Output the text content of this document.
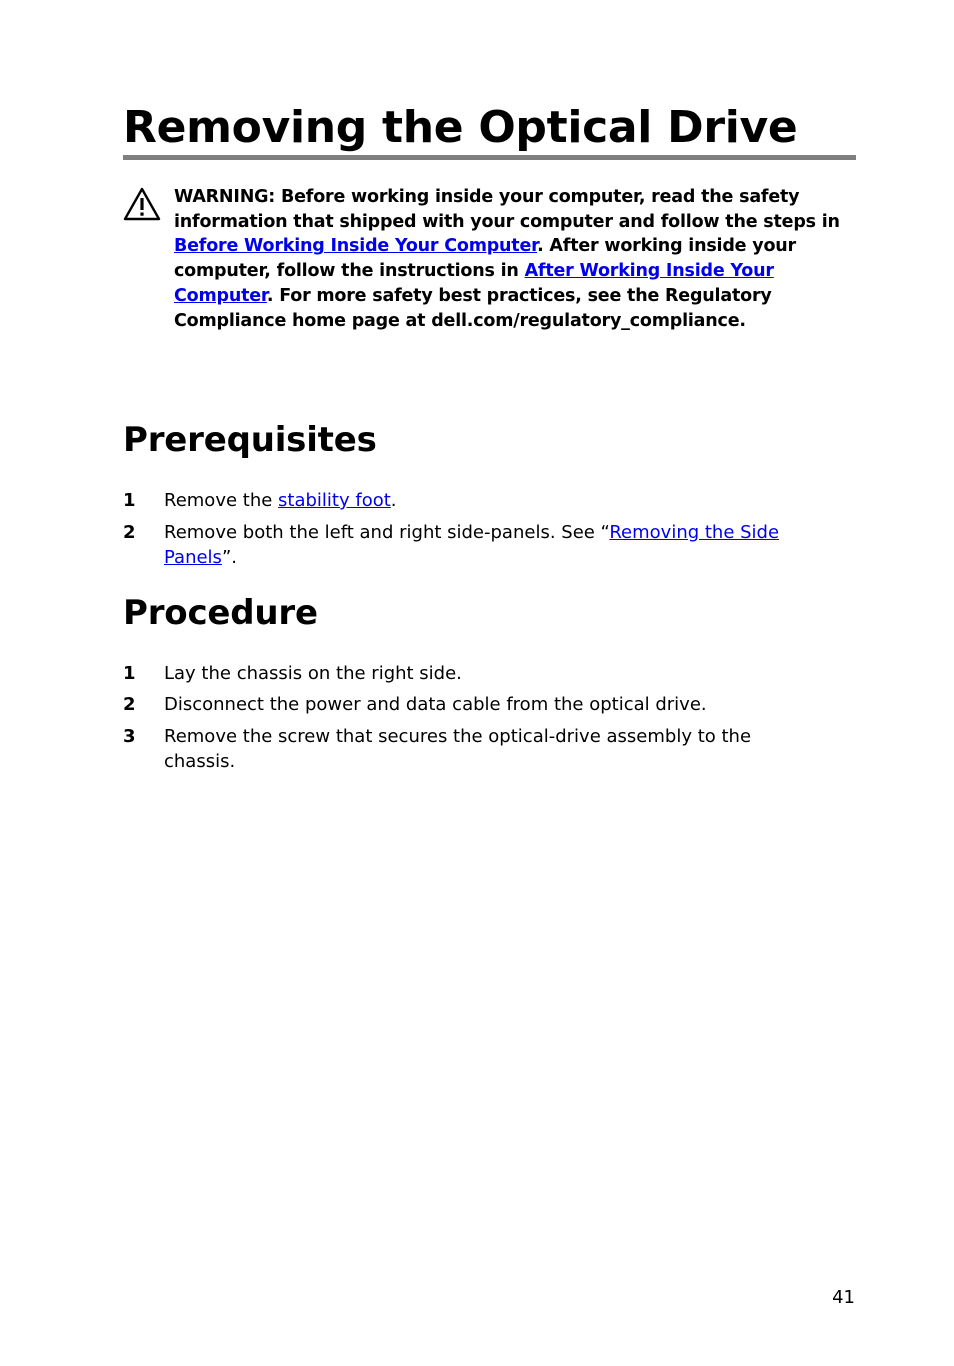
Removing the Optical Drive

WARNING: Before working inside your computer, read the safety information that shipped with your computer and follow the steps in Before Working Inside Your Computer. After working inside your computer, follow the instructions in After Working Inside Your Computer. For more safety best practices, see the Regulatory Compliance home page at dell.com/regulatory_compliance.

Prerequisites
1 Remove the stability foot.
2 Remove both the left and right side-panels. See “Removing the Side Panels”.
Procedure
1 Lay the chassis on the right side.
2 Disconnect the power and data cable from the optical drive.
3 Remove the screw that secures the optical-drive assembly to the chassis.
41
